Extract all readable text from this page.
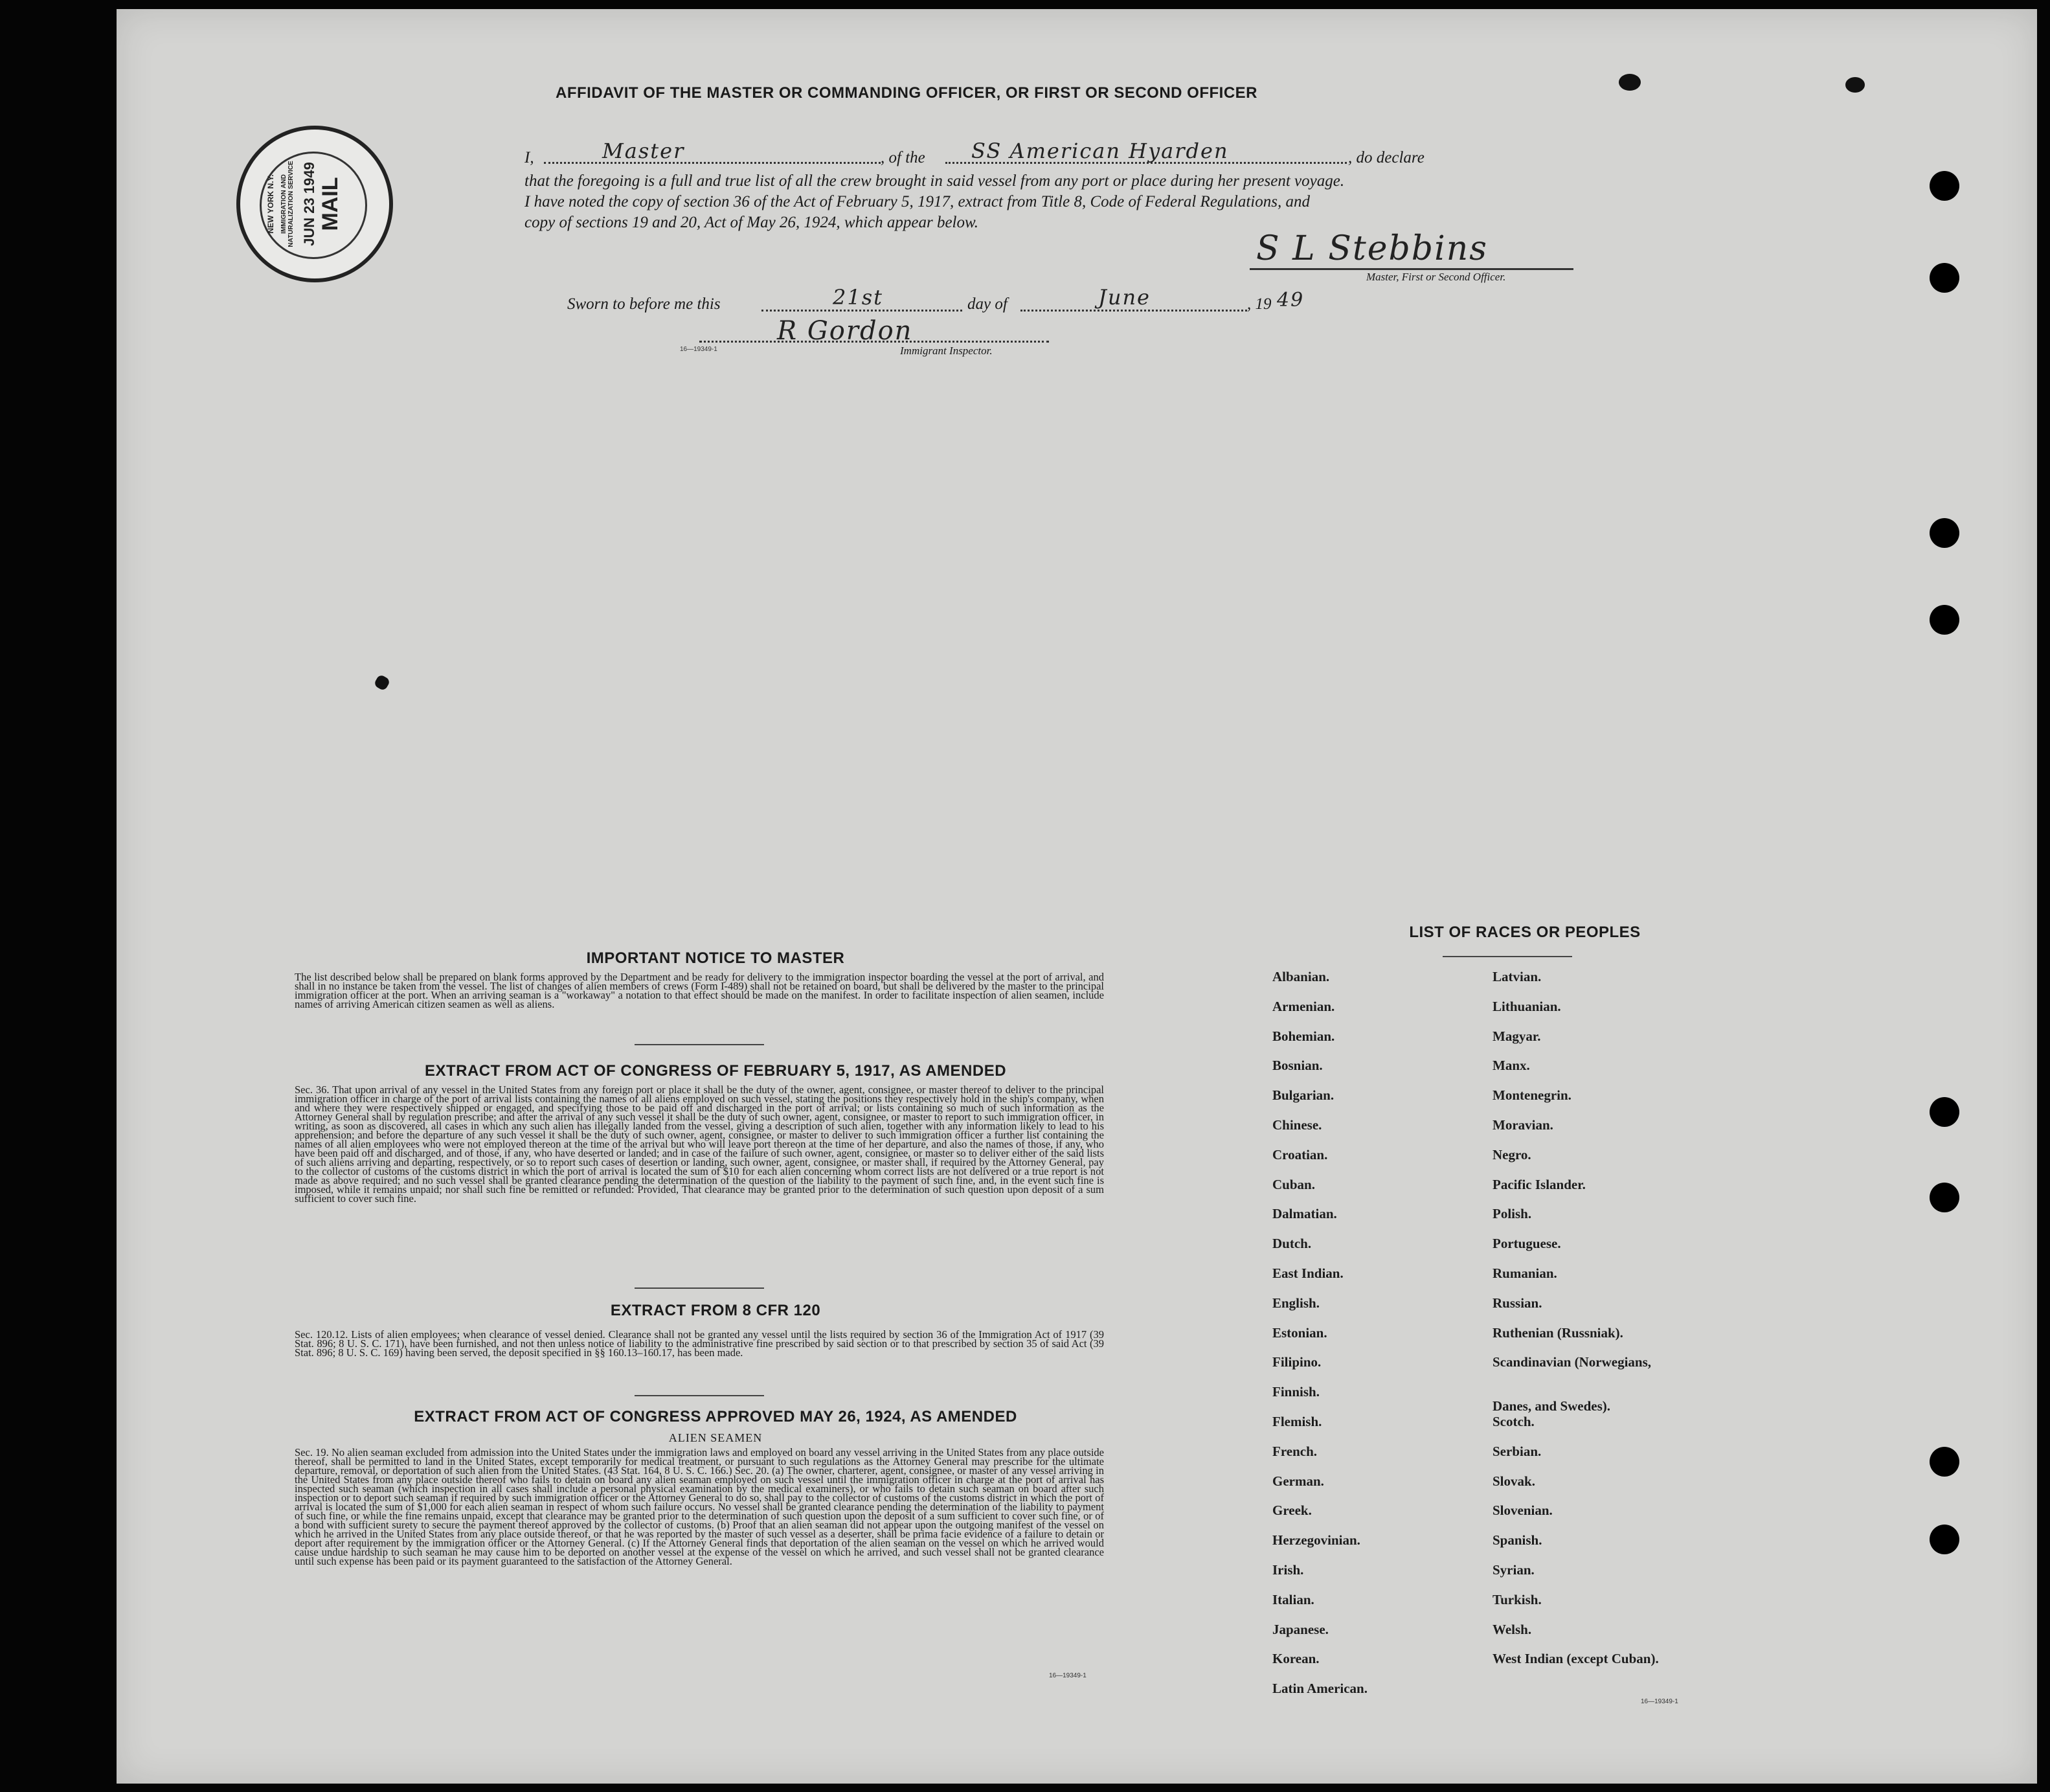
AFFIDAVIT OF THE MASTER OR COMMANDING OFFICER, OR FIRST OR SECOND OFFICER
MAIL
JUN 23 1949
IMMIGRATION AND NATURALIZATION SERVICE
NEW YORK N.Y.
I,	Master	, of the SS American Hyarden	, do declare
that the foregoing is a full and true list of all the crew brought in said vessel from any port or place during her present voyage.
I have noted the copy of section 36 of the Act of February 5, 1917, extract from Title 8, Code of Federal Regulations, and
copy of sections 19 and 20, Act of May 26, 1924, which appear below.
S L Stebbins
Master, First or Second Officer.
Sworn to before me this	21st	day of	June	, 19 49
R Gordon
Immigrant Inspector.
16—19349-1
IMPORTANT NOTICE TO MASTER
The list described below shall be prepared on blank forms approved by the Department and be ready for delivery to the immigration inspector boarding the vessel at the port of arrival, and shall in no instance be taken from the vessel. The list of changes of alien members of crews (Form I-489) shall not be retained on board, but shall be delivered by the master to the principal immigration officer at the port. When an arriving seaman is a "workaway" a notation to that effect should be made on the manifest. In order to facilitate inspection of alien seamen, include names of arriving American citizen seamen as well as aliens.
EXTRACT FROM ACT OF CONGRESS OF FEBRUARY 5, 1917, AS AMENDED
Sec. 36. That upon arrival of any vessel in the United States from any foreign port or place it shall be the duty of the owner, agent, consignee, or master thereof to deliver to the principal immigration officer in charge of the port of arrival lists containing the names of all aliens employed on such vessel, stating the positions they respectively hold in the ship's company, when and where they were respectively shipped or engaged, and specifying those to be paid off and discharged in the port of arrival; or lists containing so much of such information as the Attorney General shall by regulation prescribe; and after the arrival of any such vessel it shall be the duty of such owner, agent, consignee, or master to report to such immigration officer, in writing, as soon as discovered, all cases in which any such alien has illegally landed from the vessel, giving a description of such alien, together with any information likely to lead to his apprehension; and before the departure of any such vessel it shall be the duty of such owner, agent, consignee, or master to deliver to such immigration officer a further list containing the names of all alien employees who were not employed thereon at the time of the arrival but who will leave port thereon at the time of her departure, and also the names of those, if any, who have been paid off and discharged, and of those, if any, who have deserted or landed; and in case of the failure of such owner, agent, consignee, or master so to deliver either of the said lists of such aliens arriving and departing, respectively, or so to report such cases of desertion or landing, such owner, agent, consignee, or master shall, if required by the Attorney General, pay to the collector of customs of the customs district in which the port of arrival is located the sum of $10 for each alien concerning whom correct lists are not delivered or a true report is not made as above required; and no such vessel shall be granted clearance pending the determination of the question of the liability to the payment of such fine, and, in the event such fine is imposed, while it remains unpaid; nor shall such fine be remitted or refunded: Provided, That clearance may be granted prior to the determination of such question upon deposit of a sum sufficient to cover such fine.
EXTRACT FROM 8 CFR 120
Sec. 120.12. Lists of alien employees; when clearance of vessel denied. Clearance shall not be granted any vessel until the lists required by section 36 of the Immigration Act of 1917 (39 Stat. 896; 8 U. S. C. 171), have been furnished, and not then unless notice of liability to the administrative fine prescribed by said section or to that prescribed by section 35 of said Act (39 Stat. 896; 8 U. S. C. 169) having been served, the deposit specified in §§ 160.13–160.17, has been made.
EXTRACT FROM ACT OF CONGRESS APPROVED MAY 26, 1924, AS AMENDED
ALIEN SEAMEN
Sec. 19. No alien seaman excluded from admission into the United States under the immigration laws and employed on board any vessel arriving in the United States from any place outside thereof, shall be permitted to land in the United States, except temporarily for medical treatment, or pursuant to such regulations as the Attorney General may prescribe for the ultimate departure, removal, or deportation of such alien from the United States. (43 Stat. 164, 8 U. S. C. 166.) Sec. 20. (a) The owner, charterer, agent, consignee, or master of any vessel arriving in the United States from any place outside thereof who fails to detain on board any alien seaman employed on such vessel until the immigration officer in charge at the port of arrival has inspected such seaman (which inspection in all cases shall include a personal physical examination by the medical examiners), or who fails to detain such seaman on board after such inspection or to deport such seaman if required by such immigration officer or the Attorney General to do so, shall pay to the collector of customs of the customs district in which the port of arrival is located the sum of $1,000 for each alien seaman in respect of whom such failure occurs. No vessel shall be granted clearance pending the determination of the liability to payment of such fine, or while the fine remains unpaid, except that clearance may be granted prior to the determination of such question upon the deposit of a sum sufficient to cover such fine, or of a bond with sufficient surety to secure the payment thereof approved by the collector of customs. (b) Proof that an alien seaman did not appear upon the outgoing manifest of the vessel on which he arrived in the United States from any place outside thereof, or that he was reported by the master of such vessel as a deserter, shall be prima facie evidence of a failure to detain or deport after requirement by the immigration officer or the Attorney General. (c) If the Attorney General finds that deportation of the alien seaman on the vessel on which he arrived would cause undue hardship to such seaman he may cause him to be deported on another vessel at the expense of the vessel on which he arrived, and such vessel shall not be granted clearance until such expense has been paid or its payment guaranteed to the satisfaction of the Attorney General.
16—19349-1
LIST OF RACES OR PEOPLES
16—19349-1
Albanian.
Armenian.
Bohemian.
Bosnian.
Bulgarian.
Chinese.
Croatian.
Cuban.
Dalmatian.
Dutch.
East Indian.
English.
Estonian.
Filipino.
Finnish.
Flemish.
French.
German.
Greek.
Herzegovinian.
Irish.
Italian.
Japanese.
Korean.
Latin American.
Latvian.
Lithuanian.
Magyar.
Manx.
Montenegrin.
Moravian.
Negro.
Pacific Islander.
Polish.
Portuguese.
Rumanian.
Russian.
Ruthenian (Russniak).
Scandinavian (Norwegians,
Danes, and Swedes).
Scotch.
Serbian.
Slovak.
Slovenian.
Spanish.
Syrian.
Turkish.
Welsh.
West Indian (except Cuban).
